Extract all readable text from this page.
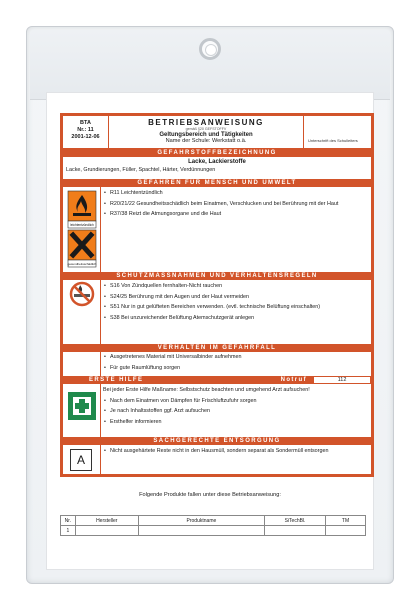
BTA
Nr.: 11
2001-12-06
BETRIEBSANWEISUNG
gemäß §20 GEFSTOFFV
Geltungsbereich und Tätigkeiten
Name der Schule: Werkstatt o.ä.	Unterschrift des Schulleiters
GEFAHRSTOFFBEZEICHNUNG
Lacke, Lackierstoffe
Lacke, Grundierungen, Füller, Spachtel, Härter, Verdünnungen
GEFAHREN FÜR MENSCH UND UMWELT
leichtentzündlich
gesundheitsschädlich
• R11 Leichtentzündlich
• R20/21/22 Gesundheitsschädlich beim Einatmen, Verschlucken und bei Berührung mit der Haut
• R37/38 Reizt die Atmungsorgane und die Haut
SCHUTZMASSNAHMEN UND VERHALTENSREGELN
• S16 Von Zündquellen fernhalten-Nicht rauchen
• S24/25 Berührung mit den Augen und der Haut vermeiden
• S51 Nur in gut gelüfteten Bereichen verwenden. (evtl. technische Belüftung einschalten)
• S38 Bei unzureichender Belüftung Atemschutzgerät anlegen
VERHALTEN IM GEFAHRFALL
• Ausgetretenes Material mit Universalbinder aufnehmen
• Für gute Raumlüftung sorgen
ERSTE HILFE	Notruf	112
Bei jeder Erste Hilfe Maßname: Selbstschutz beachten und umgehend Arzt aufsuchen!
• Nach dem Einatmen von Dämpfen für Frischluftzufuhr sorgen
• Je nach Inhaltsstoffen ggf. Arzt aufsuchen
• Ersthelfer informieren
SACHGERECHTE ENTSORGUNG
A
• Nicht ausgehärtete Reste nicht in den Hausmüll, sondern separat als Sondermüll entsorgen
Folgende Produkte fallen unter diese Betriebsanweisung:
Nr.	Hersteller	Produktname	SiTechBl.	TM
1				
